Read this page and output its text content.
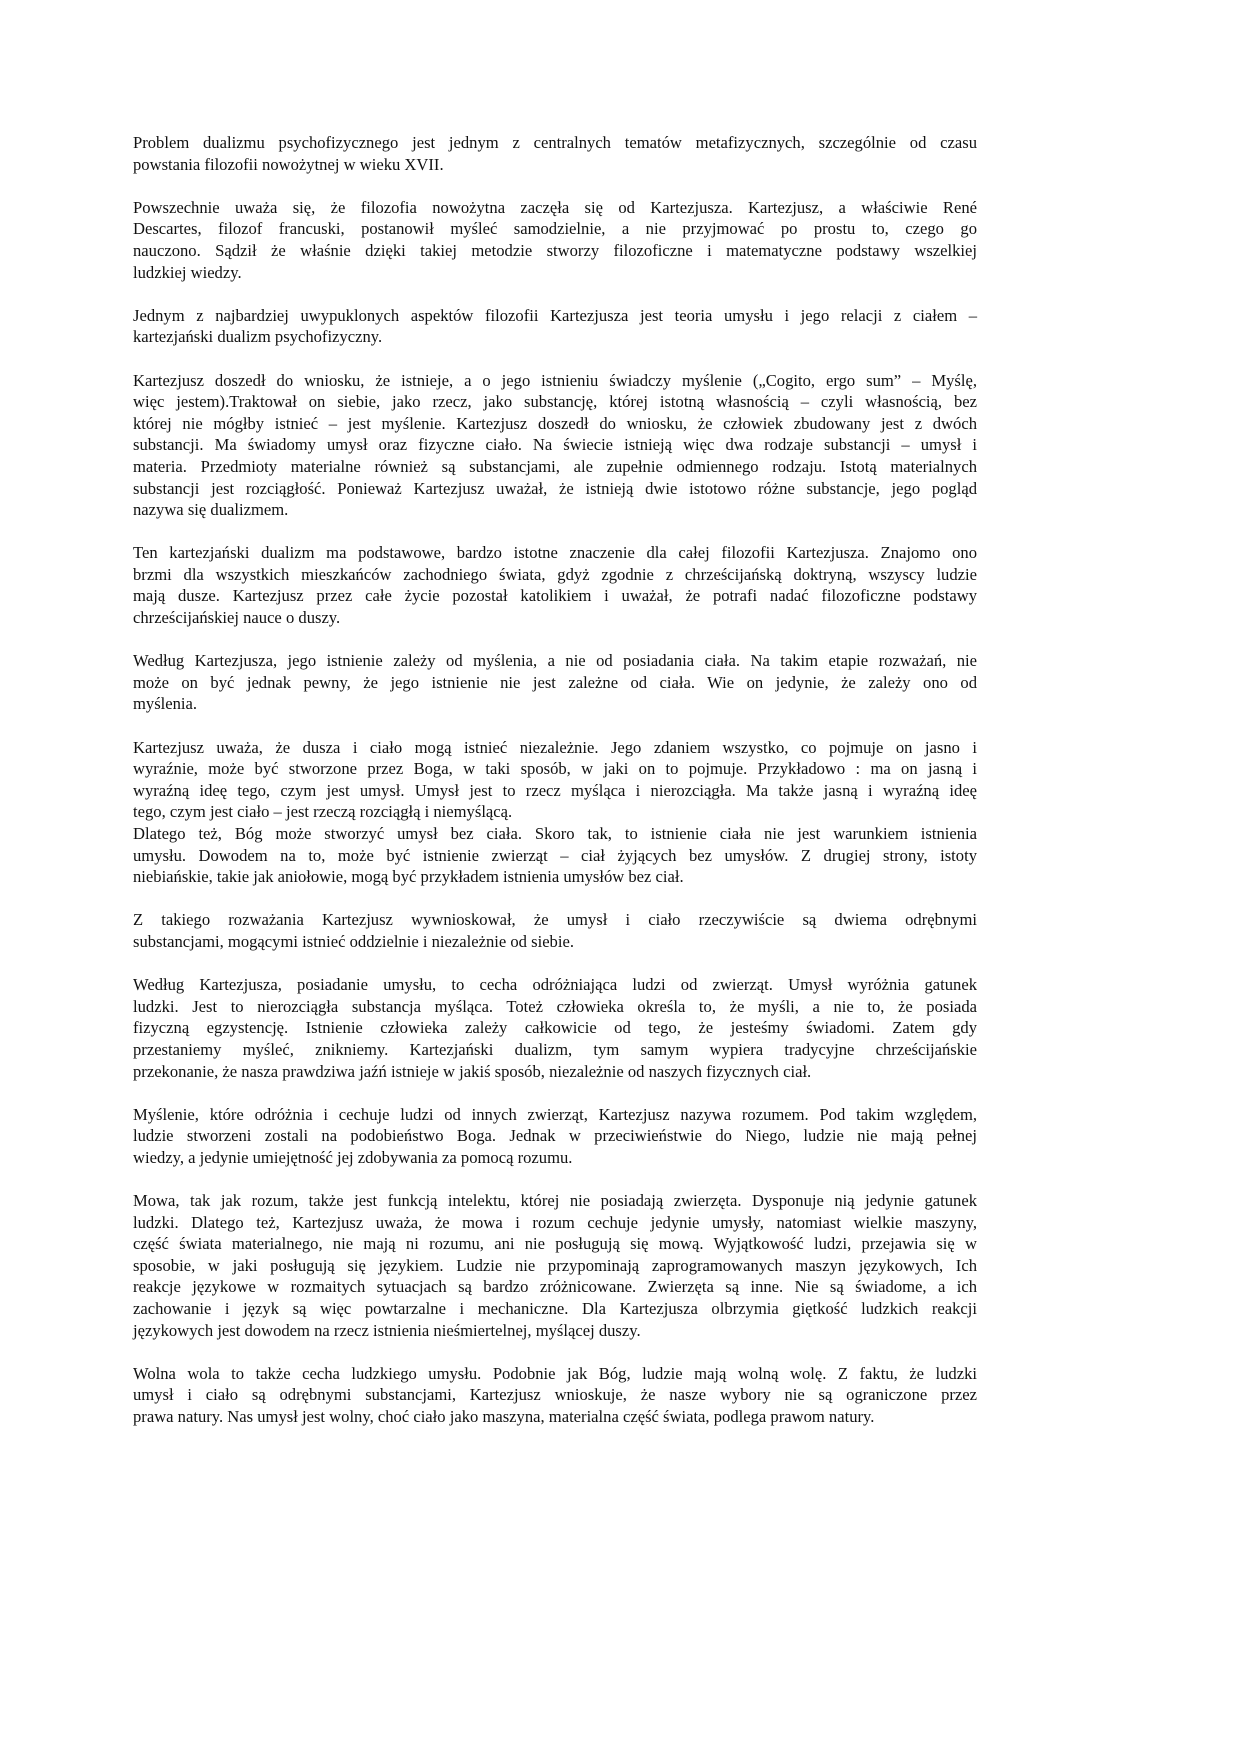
Problem dualizmu psychofizycznego jest jednym z centralnych tematów metafizycznych, szczególnie od czasu
powstania filozofii nowożytnej w wieku XVII.
Powszechnie uważa się, że filozofia nowożytna zaczęła się od Kartezjusza. Kartezjusz, a właściwie René
Descartes, filozof francuski, postanowił myśleć samodzielnie, a nie przyjmować po prostu to, czego go
nauczono. Sądził że właśnie dzięki takiej metodzie stworzy filozoficzne i matematyczne podstawy wszelkiej
ludzkiej wiedzy.
Jednym z najbardziej uwypuklonych aspektów filozofii Kartezjusza jest teoria umysłu i jego relacji z ciałem –
kartezjański dualizm psychofizyczny.
Kartezjusz doszedł do wniosku, że istnieje, a o jego istnieniu świadczy myślenie („Cogito, ergo sum” – Myślę,
więc jestem).Traktował on siebie, jako rzecz, jako substancję, której istotną własnością – czyli własnością, bez
której nie mógłby istnieć – jest myślenie. Kartezjusz doszedł do wniosku, że człowiek zbudowany jest z dwóch
substancji. Ma świadomy umysł oraz fizyczne ciało. Na świecie istnieją więc dwa rodzaje substancji – umysł i
materia. Przedmioty materialne również są substancjami, ale zupełnie odmiennego rodzaju. Istotą materialnych
substancji jest rozciągłość. Ponieważ Kartezjusz uważał, że istnieją dwie istotowo różne substancje, jego pogląd
nazywa się dualizmem.
Ten kartezjański dualizm ma podstawowe, bardzo istotne znaczenie dla całej filozofii Kartezjusza. Znajomo ono
brzmi dla wszystkich mieszkańców zachodniego świata, gdyż zgodnie z chrześcijańską doktryną, wszyscy ludzie
mają dusze. Kartezjusz przez całe życie pozostał katolikiem i uważał, że potrafi nadać filozoficzne podstawy
chrześcijańskiej nauce o duszy.
Według Kartezjusza, jego istnienie zależy od myślenia, a nie od posiadania ciała. Na takim etapie rozważań, nie
może on być jednak pewny, że jego istnienie nie jest zależne od ciała. Wie on jedynie, że zależy ono od
myślenia.
Kartezjusz uważa, że dusza i ciało mogą istnieć niezależnie. Jego zdaniem wszystko, co pojmuje on jasno i
wyraźnie, może być stworzone przez Boga, w taki sposób, w jaki on to pojmuje. Przykładowo : ma on jasną i
wyraźną ideę tego, czym jest umysł. Umysł jest to rzecz myśląca i nierozciągła. Ma także jasną i wyraźną ideę
tego, czym jest ciało – jest rzeczą rozciągłą i niemyślącą.
Dlatego też, Bóg może stworzyć umysł bez ciała. Skoro tak, to istnienie ciała nie jest warunkiem istnienia
umysłu. Dowodem na to, może być istnienie zwierząt – ciał żyjących bez umysłów. Z drugiej strony, istoty
niebiańskie, takie jak aniołowie, mogą być przykładem istnienia umysłów bez ciał.
Z takiego rozważania Kartezjusz wywnioskował, że umysł i ciało rzeczywiście są dwiema odrębnymi
substancjami, mogącymi istnieć oddzielnie i niezależnie od siebie.
Według Kartezjusza, posiadanie umysłu, to cecha odróżniająca ludzi od zwierząt. Umysł wyróżnia gatunek
ludzki. Jest to nierozciągła substancja myśląca. Toteż człowieka określa to, że myśli, a nie to, że posiada
fizyczną egzystencję. Istnienie człowieka zależy całkowicie od tego, że jesteśmy świadomi. Zatem gdy
przestaniemy myśleć, znikniemy. Kartezjański dualizm, tym samym wypiera tradycyjne chrześcijańskie
przekonanie, że nasza prawdziwa jaźń istnieje w jakiś sposób, niezależnie od naszych fizycznych ciał.
Myślenie, które odróżnia i cechuje ludzi od innych zwierząt, Kartezjusz nazywa rozumem. Pod takim względem,
ludzie stworzeni zostali na podobieństwo Boga. Jednak w przeciwieństwie do Niego, ludzie nie mają pełnej
wiedzy, a jedynie umiejętność jej zdobywania za pomocą rozumu.
Mowa, tak jak rozum, także jest funkcją intelektu, której nie posiadają zwierzęta. Dysponuje nią jedynie gatunek
ludzki. Dlatego też, Kartezjusz uważa, że mowa i rozum cechuje jedynie umysły, natomiast wielkie maszyny,
część świata materialnego, nie mają ni rozumu, ani nie posługują się mową. Wyjątkowość ludzi, przejawia się w
sposobie, w jaki posługują się językiem. Ludzie nie przypominają zaprogramowanych maszyn językowych, Ich
reakcje językowe w rozmaitych sytuacjach są bardzo zróżnicowane. Zwierzęta są inne. Nie są świadome, a ich
zachowanie i język są więc powtarzalne i mechaniczne. Dla Kartezjusza olbrzymia giętkość ludzkich reakcji
językowych jest dowodem na rzecz istnienia nieśmiertelnej, myślącej duszy.
Wolna wola to także cecha ludzkiego umysłu. Podobnie jak Bóg, ludzie mają wolną wolę. Z faktu, że ludzki
umysł i ciało są odrębnymi substancjami, Kartezjusz wnioskuje, że nasze wybory nie są ograniczone przez
prawa natury. Nas umysł jest wolny, choć ciało jako maszyna, materialna część świata, podlega prawom natury.
